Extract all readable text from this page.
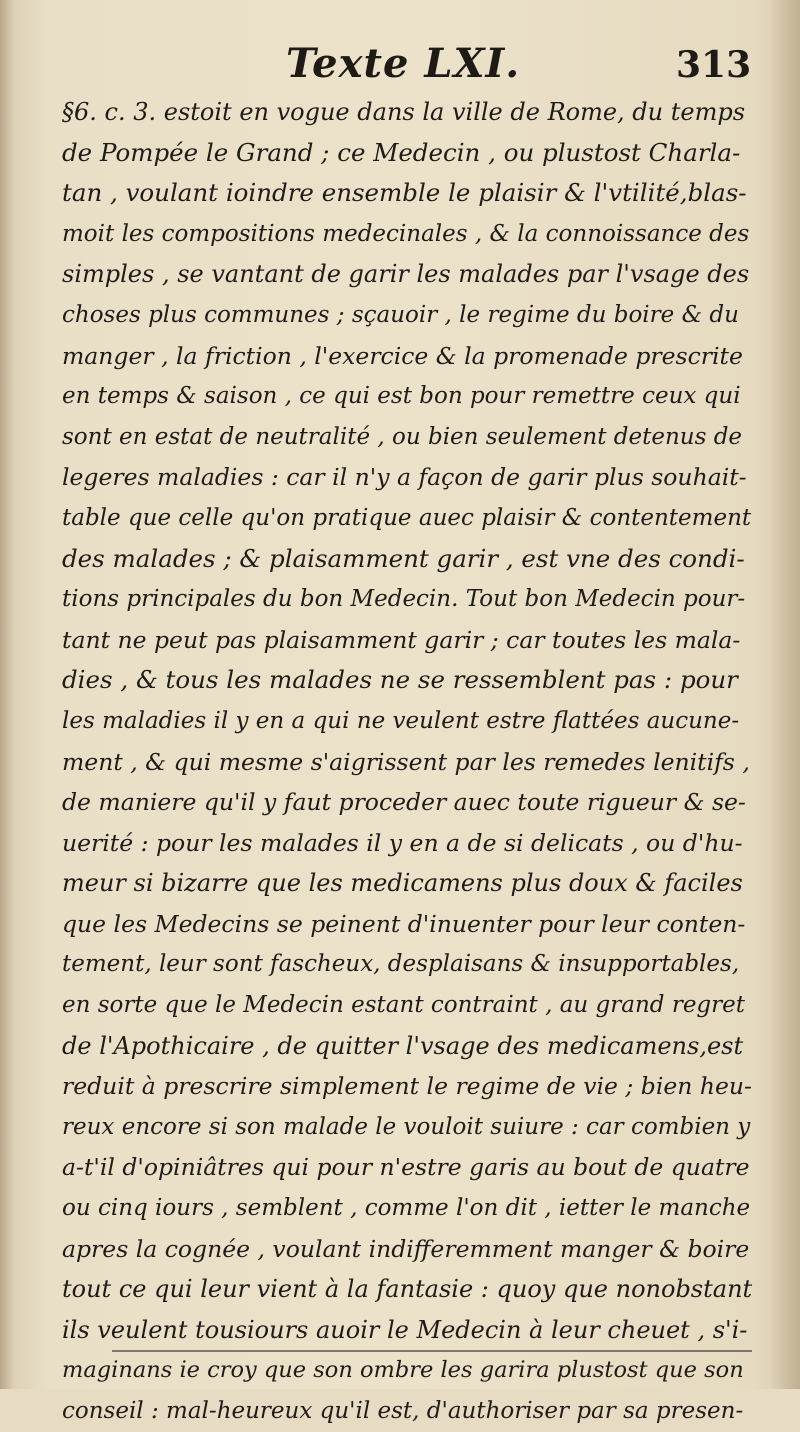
Texte LXI.	313
§6. c. 3. estoit en vogue dans la ville de Rome, du temps
de Pompée le Grand ; ce Medecin , ou plustost Charla-
tan , voulant ioindre ensemble le plaisir & l'vtilité,blas-
moit les compositions medecinales , & la connoissance des
simples , se vantant de garir les malades par l'vsage des
choses plus communes ; sçauoir , le regime du boire & du
manger , la friction , l'exercice & la promenade prescrite
en temps & saison , ce qui est bon pour remettre ceux qui
sont en estat de neutralité , ou bien seulement detenus de
legeres maladies : car il n'y a façon de garir plus souhait-
table que celle qu'on pratique auec plaisir & contentement
des malades ; & plaisamment garir , est vne des condi-
tions principales du bon Medecin. Tout bon Medecin pour-
tant ne peut pas plaisamment garir ; car toutes les mala-
dies , & tous les malades ne se ressemblent pas : pour
les maladies il y en a qui ne veulent estre flattées aucune-
ment , & qui mesme s'aigrissent par les remedes lenitifs ,
de maniere qu'il y faut proceder auec toute rigueur & se-
uerité : pour les malades il y en a de si delicats , ou d'hu-
meur si bizarre que les medicamens plus doux & faciles
que les Medecins se peinent d'inuenter pour leur conten-
tement, leur sont fascheux, desplaisans & insupportables,
en sorte que le Medecin estant contraint , au grand regret
de l'Apothicaire , de quitter l'vsage des medicamens,est
reduit à prescrire simplement le regime de vie ; bien heu-
reux encore si son malade le vouloit suiure : car combien y
a-t'il d'opiniâtres qui pour n'estre garis au bout de quatre
ou cinq iours , semblent , comme l'on dit , ietter le manche
apres la cognée , voulant indifferemment manger & boire
tout ce qui leur vient à la fantasie : quoy que nonobstant
ils veulent tousiours auoir le Medecin à leur cheuet , s'i-
maginans ie croy que son ombre les garira plustost que son
conseil : mal-heureux qu'il est, d'authoriser par sa presen-
